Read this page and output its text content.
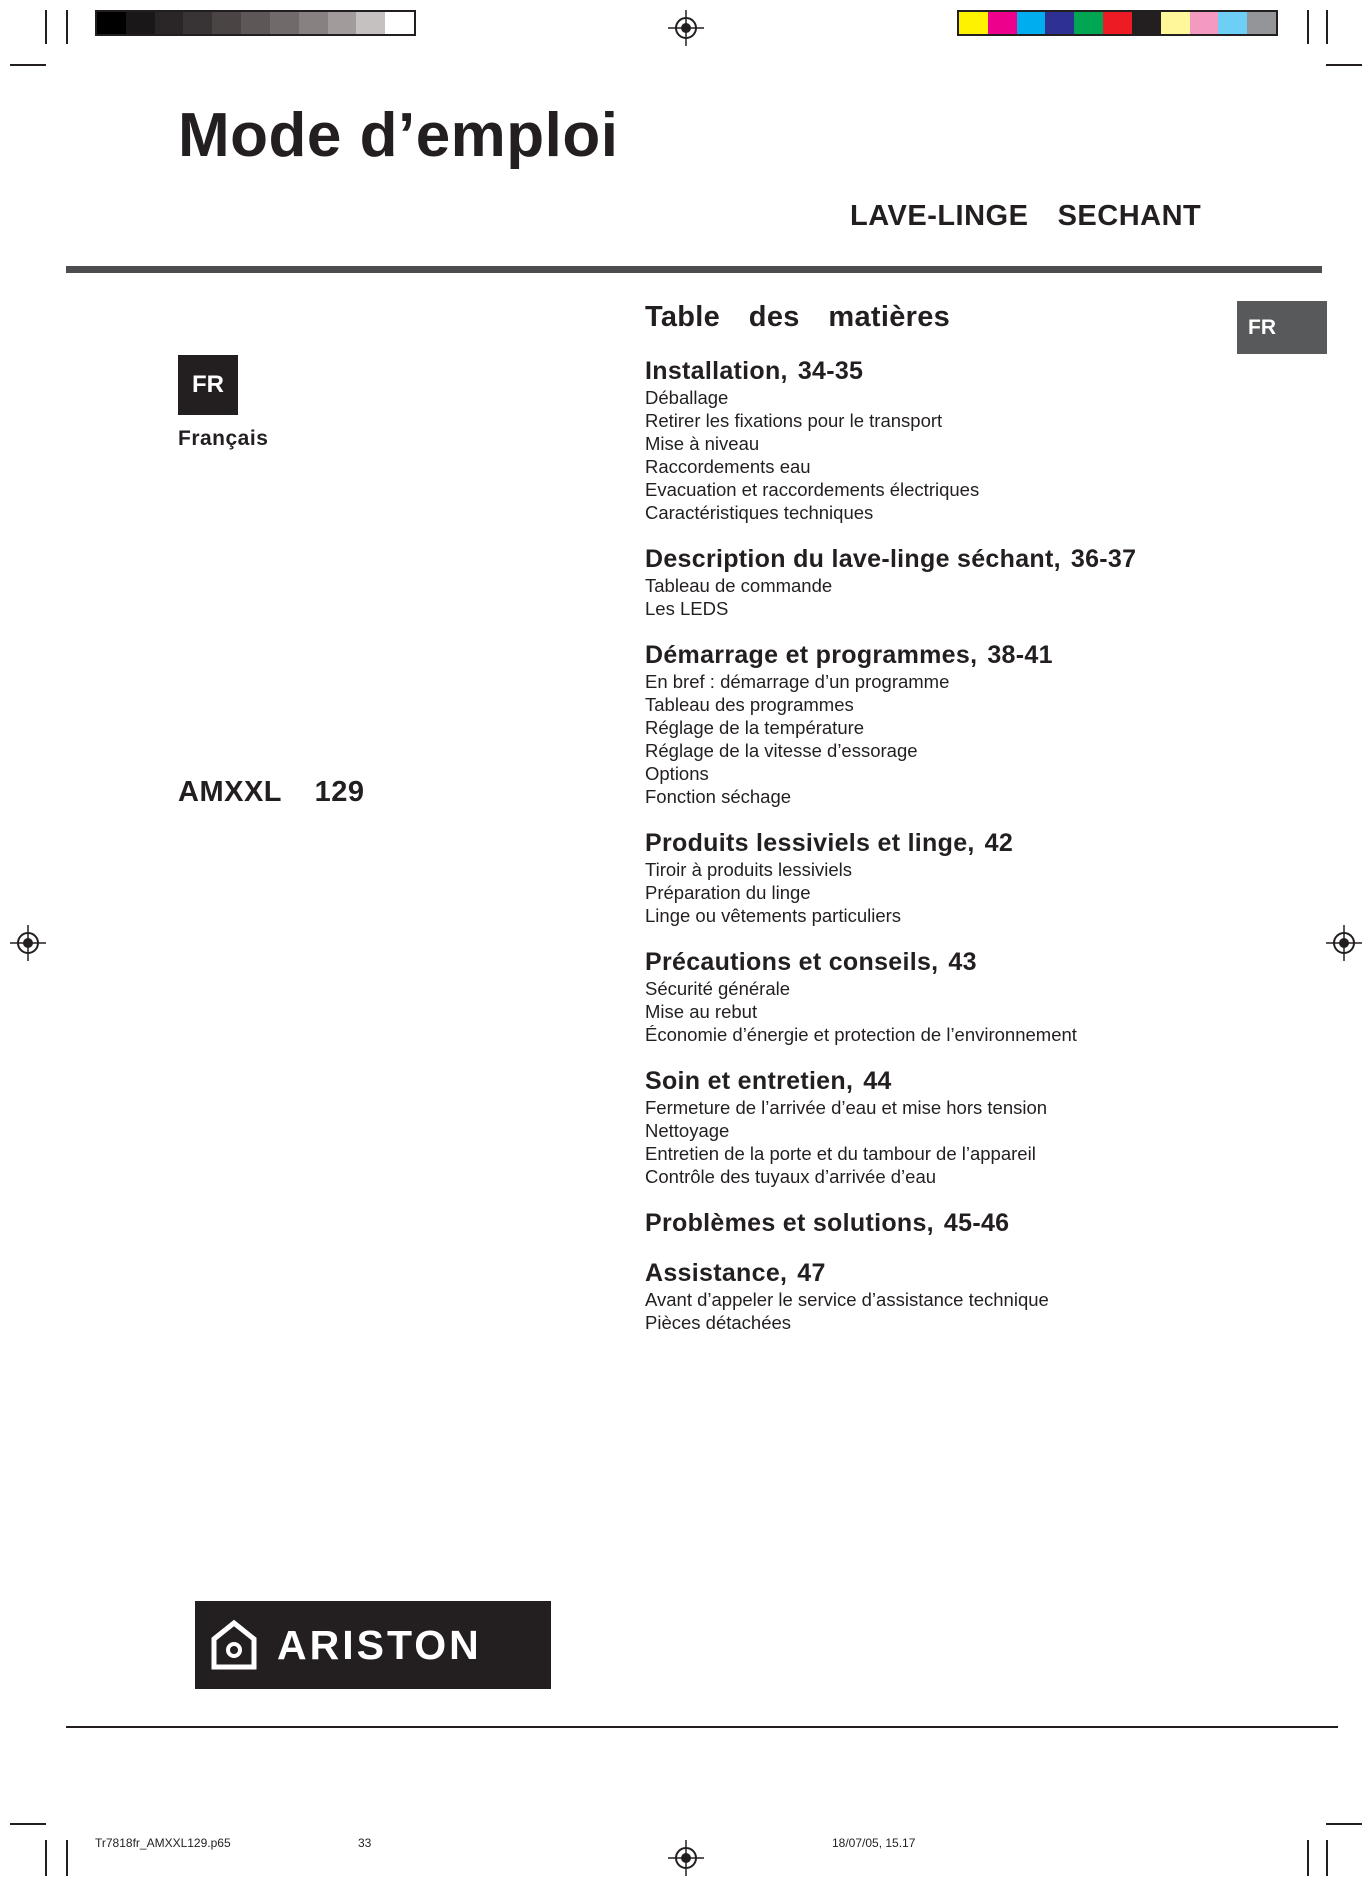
Mode d’emploi
LAVE-LINGE  SECHANT
FR
Français
AMXXL  129
FR
Table  des  matières
Installation, 34-35
Déballage
Retirer les fixations pour le transport
Mise à niveau
Raccordements eau
Evacuation et raccordements électriques
Caractéristiques techniques
Description du lave-linge séchant, 36-37
Tableau de commande
Les LEDS
Démarrage et programmes, 38-41
En bref : démarrage d’un programme
Tableau des programmes
Réglage de la température
Réglage de la vitesse d’essorage
Options
Fonction séchage
Produits lessiviels et linge, 42
Tiroir à produits lessiviels
Préparation du linge
Linge ou vêtements particuliers
Précautions et conseils, 43
Sécurité générale
Mise au rebut
Économie d’énergie et protection de l’environnement
Soin et entretien, 44
Fermeture de l’arrivée d’eau et mise hors tension
Nettoyage
Entretien de la porte et du tambour de l’appareil
Contrôle des tuyaux d’arrivée d’eau
Problèmes et solutions, 45-46
Assistance, 47
Avant d’appeler le service d’assistance technique
Pièces détachées
ARISTON
Tr7818fr_AMXXL129.p65	33	18/07/05, 15.17
